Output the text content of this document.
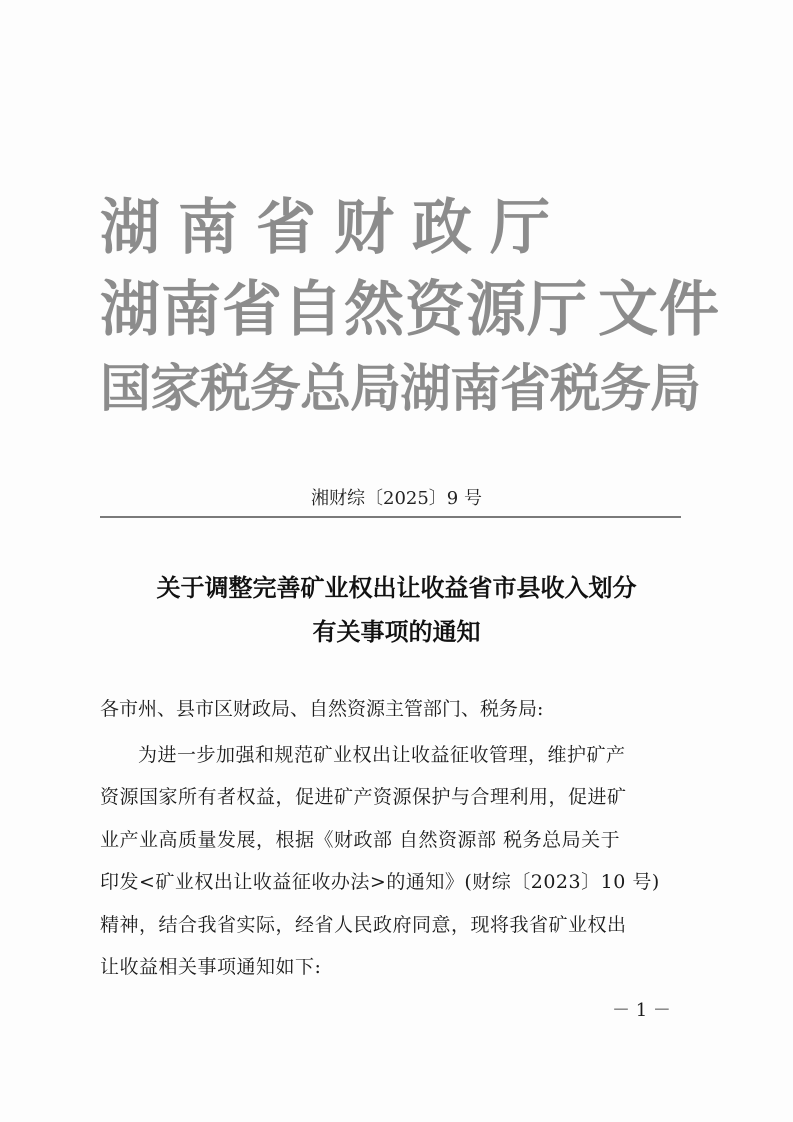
湖南省财政厅
湖南省自然资源厅 文件
国家税务总局湖南省税务局
湘财综〔2025〕9 号
关于调整完善矿业权出让收益省市县收入划分
有关事项的通知
各市州、县市区财政局、自然资源主管部门、税务局:
为进一步加强和规范矿业权出让收益征收管理，维护矿产
资源国家所有者权益，促进矿产资源保护与合理利用，促进矿
业产业高质量发展，根据《财政部 自然资源部 税务总局关于
印发<矿业权出让收益征收办法>的通知》(财综〔2023〕10 号)
精神，结合我省实际，经省人民政府同意，现将我省矿业权出
让收益相关事项通知如下:
－ 1 －
